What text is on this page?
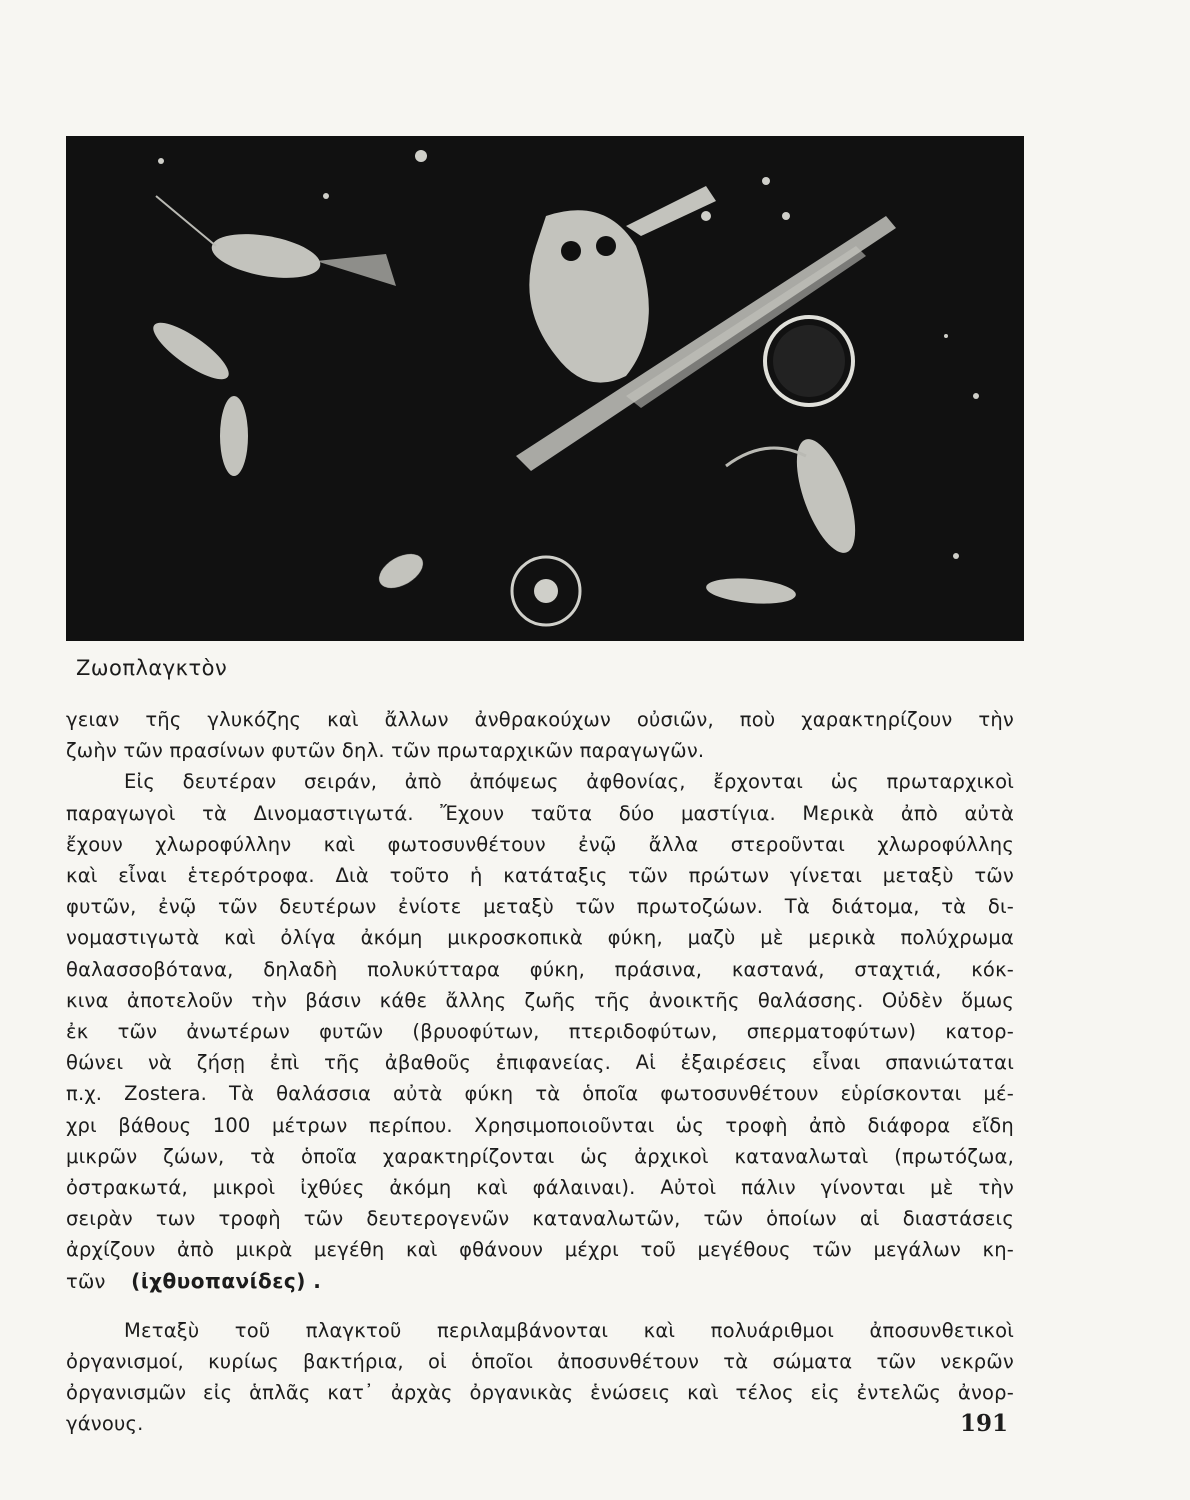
Ζωοπλαγκτὸν

γειαν τῆς γλυκόζης καὶ ἄλλων ἀνθρακούχων οὐσιῶν, ποὺ χαρακτηρίζουν τὴν

ζωὴν τῶν πρασίνων φυτῶν δηλ. τῶν πρωταρχικῶν παραγωγῶν.

Εἰς δευτέραν σειράν, ἀπὸ ἀπόψεως ἀφθονίας, ἔρχονται ὡς πρωταρχικοὶ

παραγωγοὶ τὰ Δινομαστιγωτά. Ἔχουν ταῦτα δύο μαστίγια. Μερικὰ ἀπὸ αὐτὰ

ἔχουν χλωροφύλλην καὶ φωτοσυνθέτουν ἐνῷ ἄλλα στεροῦνται χλωροφύλλης

καὶ εἶναι ἑτερότροφα. Διὰ τοῦτο ἡ κατάταξις τῶν πρώτων γίνεται μεταξὺ τῶν

φυτῶν, ἐνῷ τῶν δευτέρων ἐνίοτε μεταξὺ τῶν πρωτοζώων. Τὰ διάτομα, τὰ δι-

νομαστιγωτὰ καὶ ὀλίγα ἀκόμη μικροσκοπικὰ φύκη, μαζὺ μὲ μερικὰ πολύχρωμα

θαλασσοβότανα, δηλαδὴ πολυκύτταρα φύκη, πράσινα, καστανά, σταχτιά, κόκ-

κινα ἀποτελοῦν τὴν βάσιν κάθε ἄλλης ζωῆς τῆς ἀνοικτῆς θαλάσσης. Οὐδὲν ὅμως

ἐκ τῶν ἀνωτέρων φυτῶν (βρυοφύτων, πτεριδοφύτων, σπερματοφύτων) κατορ-

θώνει νὰ ζήσῃ ἐπὶ τῆς ἀβαθοῦς ἐπιφανείας. Αἱ ἐξαιρέσεις εἶναι σπανιώταται

π.χ. Zostera. Τὰ θαλάσσια αὐτὰ φύκη τὰ ὁποῖα φωτοσυνθέτουν εὑρίσκονται μέ-

χρι βάθους 100 μέτρων περίπου. Χρησιμοποιοῦνται ὡς τροφὴ ἀπὸ διάφορα εἴδη

μικρῶν ζώων, τὰ ὁποῖα χαρακτηρίζονται ὡς ἀρχικοὶ καταναλωταὶ (πρωτόζωα,

ὀστρακωτά, μικροὶ ἰχθύες ἀκόμη καὶ φάλαιναι). Αὐτοὶ πάλιν γίνονται μὲ τὴν

σειρὰν των τροφὴ τῶν δευτερογενῶν καταναλωτῶν, τῶν ὁποίων αἱ διαστάσεις

ἀρχίζουν ἀπὸ μικρὰ μεγέθη καὶ φθάνουν μέχρι τοῦ μεγέθους τῶν μεγάλων κη-

τῶν (ἰχθυοπανίδες) .

Μεταξὺ τοῦ πλαγκτοῦ περιλαμβάνονται καὶ πολυάριθμοι ἀποσυνθετικοὶ

ὀργανισμοί, κυρίως βακτήρια, οἱ ὁποῖοι ἀποσυνθέτουν τὰ σώματα τῶν νεκρῶν

ὀργανισμῶν εἰς ἁπλᾶς κατ᾽ ἀρχὰς ὀργανικὰς ἑνώσεις καὶ τέλος εἰς ἐντελῶς ἀνορ-

γάνους.	191
